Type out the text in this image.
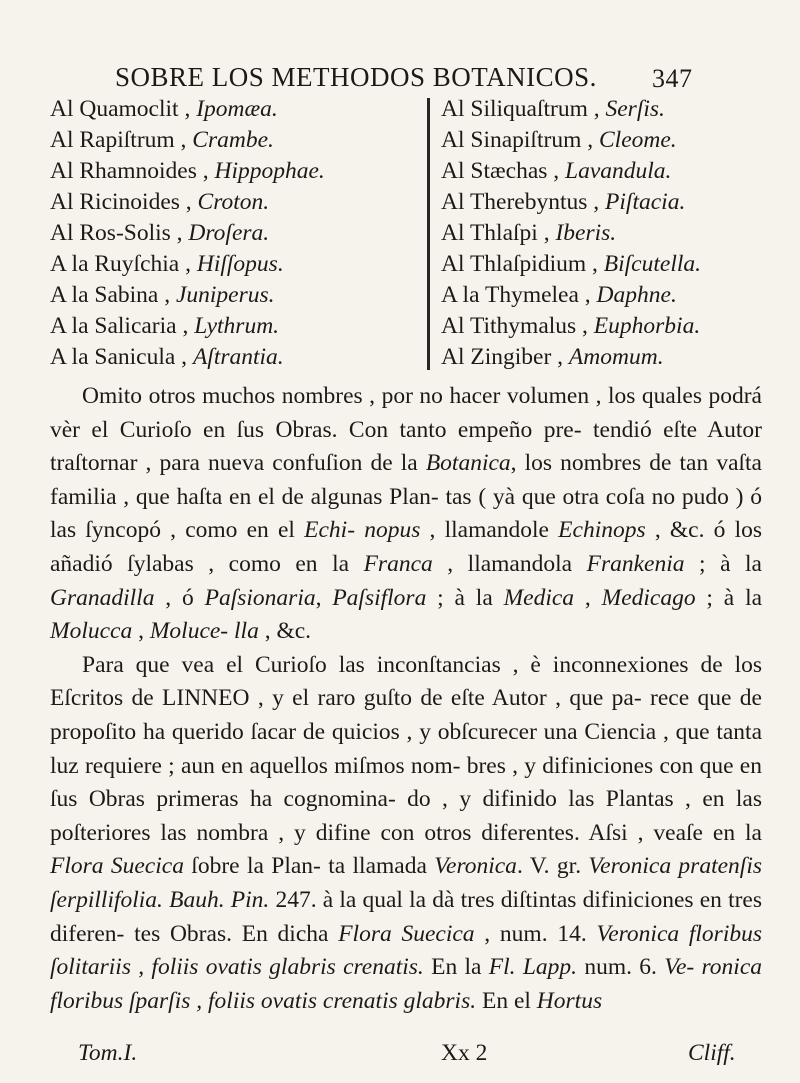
SOBRE LOS METHODOS BOTANICOS. 347
Al Quamoclit , Ipomæa.
Al Rapiſtrum , Crambe.
Al Rhamnoides , Hippophae.
Al Ricinoides , Croton.
Al Ros-Solis , Droſera.
A la Ruyſchia , Hiſſopus.
A la Sabina , Juniperus.
A la Salicaria , Lythrum.
A la Sanicula , Aſtrantia.
Al Siliquaſtrum , Serſis.
Al Sinapiſtrum , Cleome.
Al Stæchas , Lavandula.
Al Therebyntus , Piſtacia.
Al Thlaſpi , Iberis.
Al Thlaſpidium , Biſcutella.
A la Thymelea , Daphne.
Al Tithymalus , Euphorbia.
Al Zingiber , Amomum.

Omito otros muchos nombres , por no hacer volumen , los quales podrá vèr el Curioſo en ſus Obras. Con tanto empeño pre- tendió eſte Autor traſtornar , para nueva confuſion de la Botanica, los nombres de tan vaſta familia , que haſta en el de algunas Plan- tas ( yà que otra coſa no pudo ) ó las ſyncopó , como en el Echi- nopus , llamandole Echinops , &c. ó los añadió ſylabas , como en la Franca , llamandola Frankenia ; à la Granadilla , ó Paſsionaria, Paſsiflora ; à la Medica , Medicago ; à la Molucca , Moluce- lla , &c.

Para que vea el Curioſo las inconſtancias , è inconnexiones de los Eſcritos de LINNEO , y el raro guſto de eſte Autor , que pa- rece que de propoſito ha querido ſacar de quicios , y obſcurecer una Ciencia , que tanta luz requiere ; aun en aquellos miſmos nom- bres , y difiniciones con que en ſus Obras primeras ha cognomina- do , y difinido las Plantas , en las poſteriores las nombra , y difine con otros diferentes. Aſsi , veaſe en la Flora Suecica ſobre la Plan- ta llamada Veronica. V. gr. Veronica pratenſis ſerpillifolia. Bauh. Pin. 247. à la qual la dà tres diſtintas difiniciones en tres diferen- tes Obras. En dicha Flora Suecica , num. 14. Veronica floribus ſolitariis , foliis ovatis glabris crenatis. En la Fl. Lapp. num. 6. Ve- ronica floribus ſparſis , foliis ovatis crenatis glabris. En el Hortus

Tom.I.	Xx 2	Cliff.
